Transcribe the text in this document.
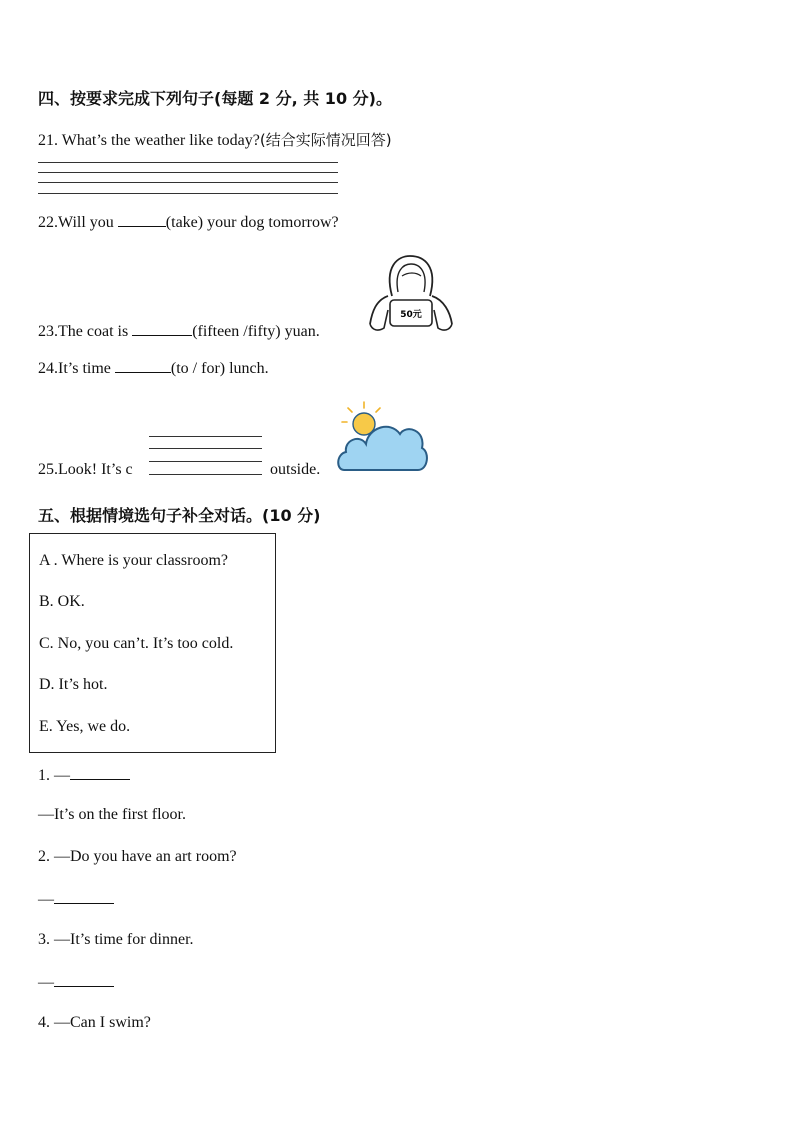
四、按要求完成下列句子(每题 2 分, 共 10 分)。
21. What’s the weather like today?(结合实际情况回答)
22.Will you	(take) your dog tomorrow?
50元
23.The coat is	(fifteen /fifty) yuan.
24.It’s time	(to / for) lunch.
25.Look! It’s c	outside.
五、根据情境选句子补全对话。(10 分)
A . Where is your classroom?
B. OK.
C. No, you can’t. It’s too cold.
D. It’s hot.
E. Yes, we do.
1. —
—It’s on the first floor.
2. —Do you have an art room?
—
3. —It’s time for dinner.
—
4. —Can I swim?
